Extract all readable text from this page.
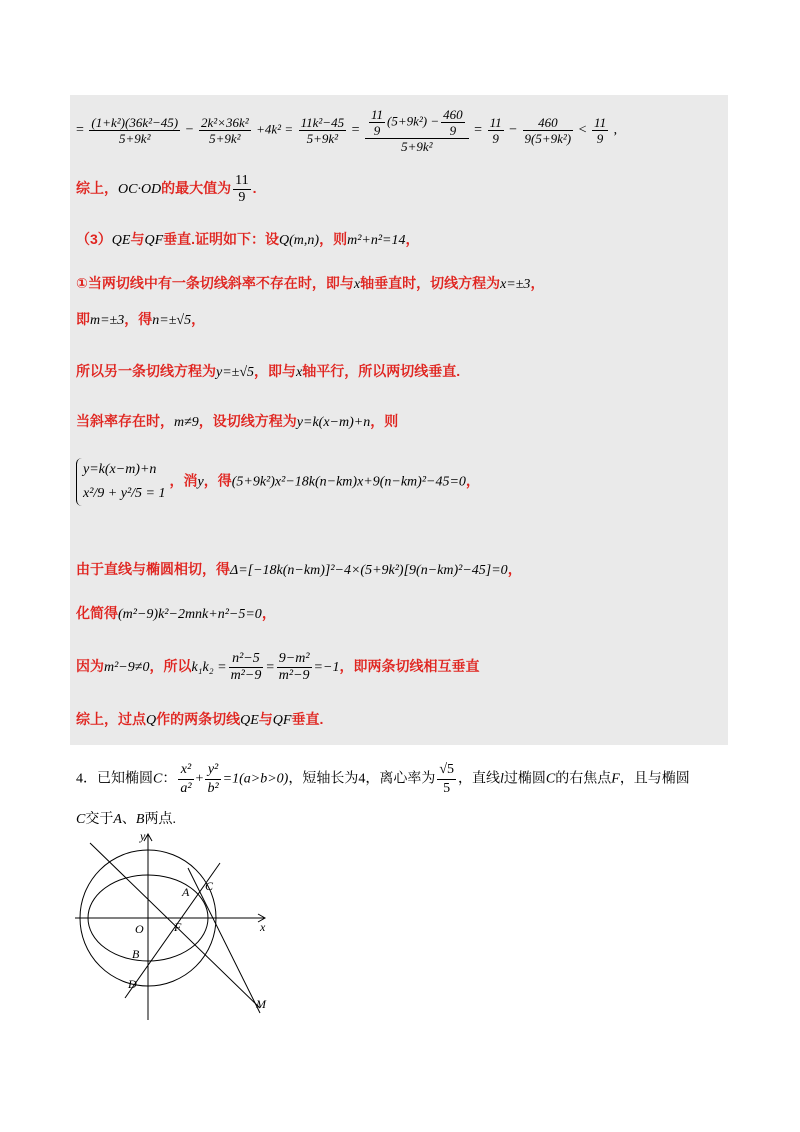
= $\frac{\text{(1+k²)(36k²−45)}}{\text{5+9k²}} - \frac{\text{2k²×36k²}}{\text{5+9k²}} +4k^2 = \frac{\text{11k²−45}}{\text{5+9k²}} = \frac{\frac{11}{9} (5+9k^2) - \frac{460}{9}}{\text{5+9k²}} = \frac{11}{9} - \frac{460}{\text{9(5+9k²)}} < \frac{11}{9}$ ,
综上，OC·OD的最大值为 $\frac{11}{9}$ .
（3）QE与QF垂直.证明如下：设Q(m,n)，则m²+n²=14，
①当两切线中有一条切线斜率不存在时，即与x轴垂直时，切线方程为x=±3，
即m=±3，得n=±√5，
所以另一条切线方程为y=±√5，即与x轴平行，所以两切线垂直.
当斜率存在时，m≠9，设切线方程为y=k(x−m)+n，则
y=k(x−m)+n
x²/9 + y²/5 = 1
，消y，得(5+9k²)x²−18k(n−km)x+9(n−km)²−45=0，
由于直线与椭圆相切，得Δ=[−18k(n−km)]²−4×(5+9k²)[9(n−km)²−45]=0，
化简得(m²−9)k²−2mnk+n²−5=0，
因为m²−9≠0，所以$k_1k_2 = \frac{\text{n²−5}}{\text{m²−9}} = \frac{\text{9−m²}}{\text{m²−9}} =-1$，即两条切线相互垂直
综上，过点Q作的两条切线QE与QF垂直.
4．已知椭圆C： $\frac{\text{x²}}{\text{a²}} + \frac{\text{y²}}{\text{b²}} =1(a>b>0)$，短轴长为4，离心率为 $\frac{√5}{5}$ ，直线l过椭圆C的右焦点F，且与椭圆
C交于A、B两点.
y
x
O	F
A
B
C
D
M
